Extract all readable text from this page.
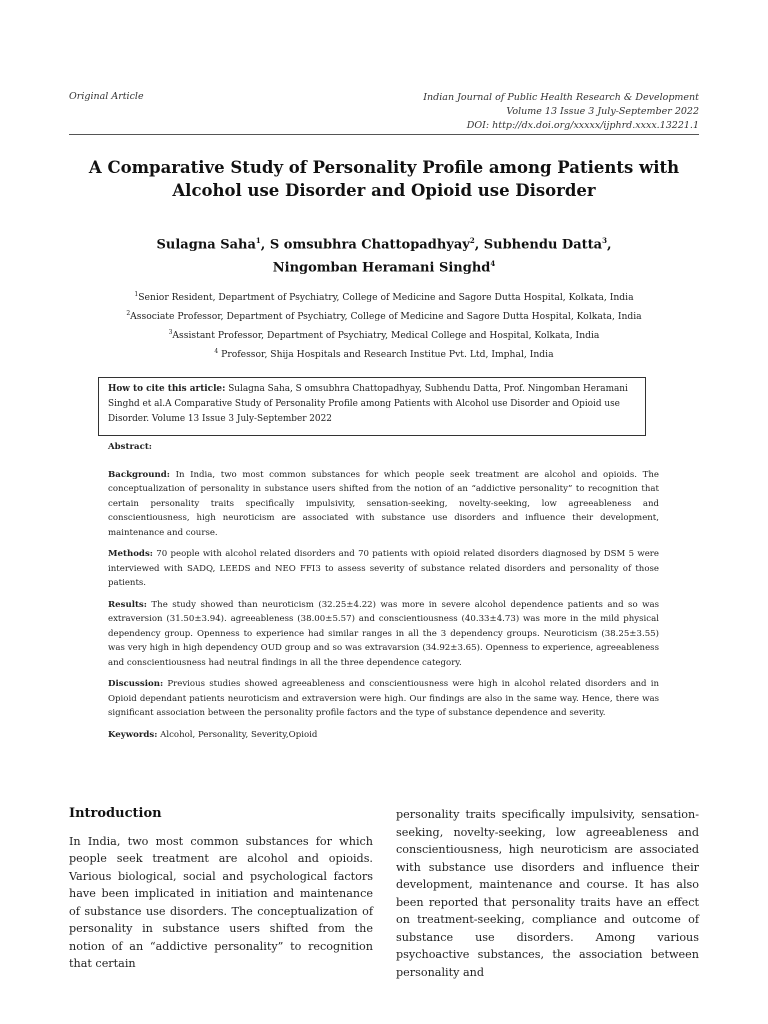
Original Article	Indian Journal of Public Health Research & Development
Volume 13 Issue 3 July-September 2022
DOI: http://dx.doi.org/xxxxx/ijphrd.xxxx.13221.1
A Comparative Study of Personality Profile among Patients with
Alcohol use Disorder and Opioid use Disorder
Sulagna Saha$^1$, S omsubhra Chattopadhyay$^2$, Subhendu Datta$^3$,
Ningomban Heramani Singhd$^4$
$^1$Senior Resident, Department of Psychiatry, College of Medicine and Sagore Dutta Hospital, Kolkata, India
$^2$Associate Professor, Department of Psychiatry, College of Medicine and Sagore Dutta Hospital, Kolkata, India
$^3$Assistant Professor, Department of Psychiatry, Medical College and Hospital, Kolkata, India
$^4$ Professor, Shija Hospitals and Research Institue Pvt. Ltd, Imphal, India
How to cite this article: Sulagna Saha, S omsubhra Chattopadhyay, Subhendu Datta, Prof. Ningomban Heramani Singhd et al.A Comparative Study of Personality Profile among Patients with Alcohol use Disorder and Opioid use Disorder. Volume 13 Issue 3 July-September 2022

Abstract:

Background: In India, two most common substances for which people seek treatment are alcohol and opioids. The conceptualization of personality in substance users shifted from the notion of an “addictive personality” to recognition that certain personality traits specifically impulsivity, sensation-seeking, novelty-seeking, low agreeableness and conscientiousness, high neuroticism are associated with substance use disorders and influence their development, maintenance and course.

Methods: 70 people with alcohol related disorders and 70 patients with opioid related disorders diagnosed by DSM 5 were interviewed with SADQ, LEEDS and NEO FFI3 to assess severity of substance related disorders and personality of those patients.

Results: The study showed than neuroticism (32.25±4.22) was more in severe alcohol dependence patients and so was extraversion (31.50±3.94). agreeableness (38.00±5.57) and conscientiousness (40.33±4.73) was more in the mild physical dependency group. Openness to experience had similar ranges in all the 3 dependency groups. Neuroticism (38.25±3.55) was very high in high dependency OUD group and so was extravarsion (34.92±3.65). Openness to experience, agreeableness and conscientiousness had neutral findings in all the three dependence category.

Discussion: Previous studies showed agreeableness and conscientiousness were high in alcohol related disorders and in Opioid dependant patients neuroticism and extraversion were high. Our findings are also in the same way. Hence, there was significant association between the personality profile factors and the type of substance dependence and severity.

Keywords: Alcohol, Personality, Severity,Opioid

Introduction

In India, two most common substances for which people seek treatment are alcohol and opioids. Various biological, social and psychological factors have been implicated in initiation and maintenance of substance use disorders. The conceptualization of personality in substance users shifted from the notion of an “addictive personality” to recognition that certain

personality traits specifically impulsivity, sensation-seeking, novelty-seeking, low agreeableness and conscientiousness, high neuroticism are associated with substance use disorders and influence their development, maintenance and course. It has also been reported that personality traits have an effect on treatment-seeking, compliance and outcome of substance use disorders. Among various psychoactive substances, the association between personality and
